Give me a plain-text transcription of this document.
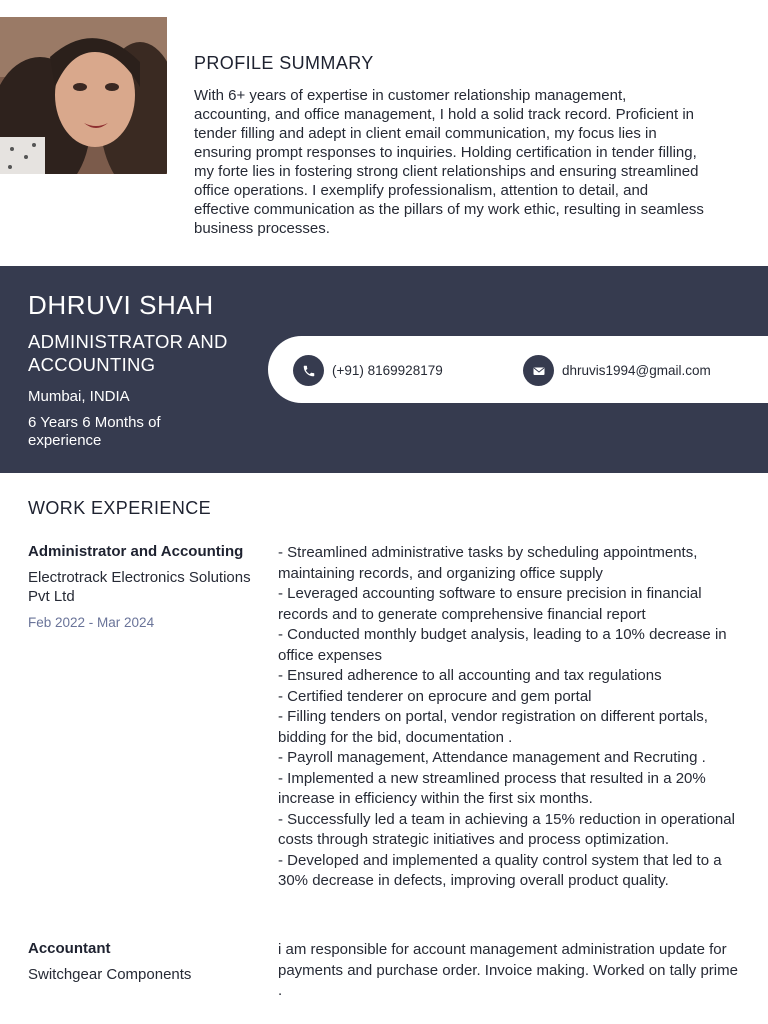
PROFILE SUMMARY
With 6+ years of expertise in customer relationship management, accounting, and office management, I hold a solid track record. Proficient in tender filling and adept in client email communication, my focus lies in ensuring prompt responses to inquiries. Holding certification in tender filling, my forte lies in fostering strong client relationships and ensuring streamlined office operations. I exemplify professionalism, attention to detail, and effective communication as the pillars of my work ethic, resulting in seamless business processes.
DHRUVI SHAH
ADMINISTRATOR AND ACCOUNTING
Mumbai, INDIA
6 Years 6 Months of experience
(+91) 8169928179	dhruvis1994@gmail.com
WORK EXPERIENCE
Administrator and Accounting
Electrotrack Electronics Solutions Pvt Ltd
Feb 2022 - Mar 2024
- Streamlined administrative tasks by scheduling appointments, maintaining records, and organizing office supply
- Leveraged accounting software to ensure precision in financial records and to generate comprehensive financial report
- Conducted monthly budget analysis, leading to a 10% decrease in office expenses
- Ensured adherence to all accounting and tax regulations
- Certified tenderer on eprocure and gem portal
- Filling tenders on portal, vendor registration on different portals, bidding for the bid, documentation .
- Payroll management, Attendance management and Recruting .
- Implemented a new streamlined process that resulted in a 20% increase in efficiency within the first six months.
- Successfully led a team in achieving a 15% reduction in operational costs through strategic initiatives and process optimization.
- Developed and implemented a quality control system that led to a 30% decrease in defects, improving overall product quality.
Accountant
Switchgear Components
i am responsible for account management administration update for payments and purchase order. Invoice making. Worked on tally prime .
